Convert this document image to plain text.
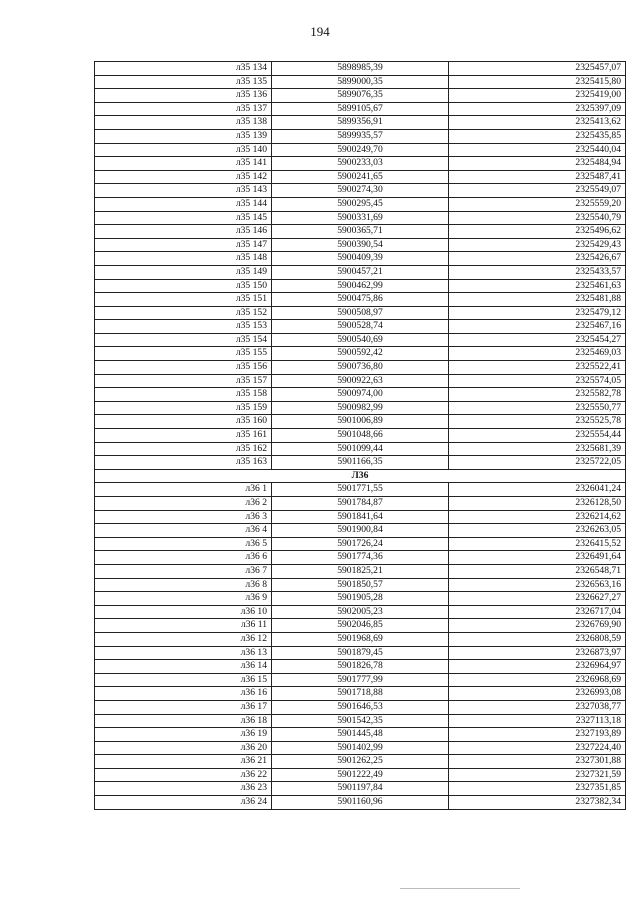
194
л35 134	5898985,39	2325457,07
л35 135	5899000,35	2325415,80
л35 136	5899076,35	2325419,00
л35 137	5899105,67	2325397,09
л35 138	5899356,91	2325413,62
л35 139	5899935,57	2325435,85
л35 140	5900249,70	2325440,04
л35 141	5900233,03	2325484,94
л35 142	5900241,65	2325487,41
л35 143	5900274,30	2325549,07
л35 144	5900295,45	2325559,20
л35 145	5900331,69	2325540,79
л35 146	5900365,71	2325496,62
л35 147	5900390,54	2325429,43
л35 148	5900409,39	2325426,67
л35 149	5900457,21	2325433,57
л35 150	5900462,99	2325461,63
л35 151	5900475,86	2325481,88
л35 152	5900508,97	2325479,12
л35 153	5900528,74	2325467,16
л35 154	5900540,69	2325454,27
л35 155	5900592,42	2325469,03
л35 156	5900736,80	2325522,41
л35 157	5900922,63	2325574,05
л35 158	5900974,00	2325582,78
л35 159	5900982,99	2325550,77
л35 160	5901006,89	2325525,78
л35 161	5901048,66	2325554,44
л35 162	5901099,44	2325681,39
л35 163	5901166,35	2325722,05
Л36		
л36 1	5901771,55	2326041,24
л36 2	5901784,87	2326128,50
л36 3	5901841,64	2326214,62
л36 4	5901900,84	2326263,05
л36 5	5901726,24	2326415,52
л36 6	5901774,36	2326491,64
л36 7	5901825,21	2326548,71
л36 8	5901850,57	2326563,16
л36 9	5901905,28	2326627,27
л36 10	5902005,23	2326717,04
л36 11	5902046,85	2326769,90
л36 12	5901968,69	2326808,59
л36 13	5901879,45	2326873,97
л36 14	5901826,78	2326964,97
л36 15	5901777,99	2326968,69
л36 16	5901718,88	2326993,08
л36 17	5901646,53	2327038,77
л36 18	5901542,35	2327113,18
л36 19	5901445,48	2327193,89
л36 20	5901402,99	2327224,40
л36 21	5901262,25	2327301,88
л36 22	5901222,49	2327321,59
л36 23	5901197,84	2327351,85
л36 24	5901160,96	2327382,34
